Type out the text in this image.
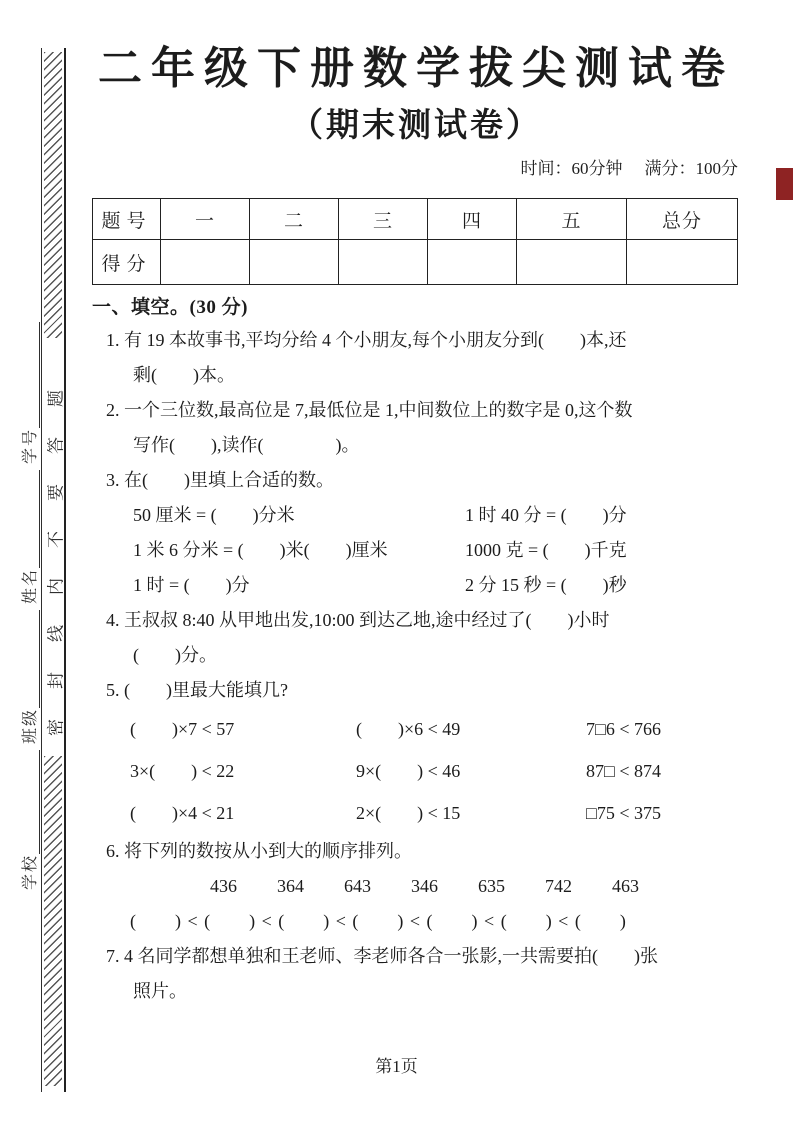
密封线内不要答题
学校
班级
姓名
学号
二年级下册数学拔尖测试卷
（期末测试卷）
时间：60分钟 满分：100分
题号	一	二	三	四	五	总分
得分						
一、填空。(30 分)
1. 有 19 本故事书,平均分给 4 个小朋友,每个小朋友分到(　　)本,还
剩(　　)本。
2. 一个三位数,最高位是 7,最低位是 1,中间数位上的数字是 0,这个数
写作(　　),读作(　　　　)。
3. 在(　　)里填上合适的数。
50 厘米 = (　　)分米	1 时 40 分 = (　　)分
1 米 6 分米 = (　　)米(　　)厘米	1000 克 = (　　)千克
1 时 = (　　)分	2 分 15 秒 = (　　)秒
4. 王叔叔 8:40 从甲地出发,10:00 到达乙地,途中经过了(　　)小时
(　　)分。
5. (　　)里最大能填几?
(　　)×7 < 57	(　　)×6 < 49	7□6 < 766
3×(　　) < 22	9×(　　) < 46	87□ < 874
(　　)×4 < 21	2×(　　) < 15	□75 < 375
6. 将下列的数按从小到大的顺序排列。
436 364 643 346 635 742 463
(　　) < (　　) < (　　) < (　　) < (　　) < (　　) < (　　)
7. 4 名同学都想单独和王老师、李老师各合一张影,一共需要拍(　　)张
照片。
第1页
